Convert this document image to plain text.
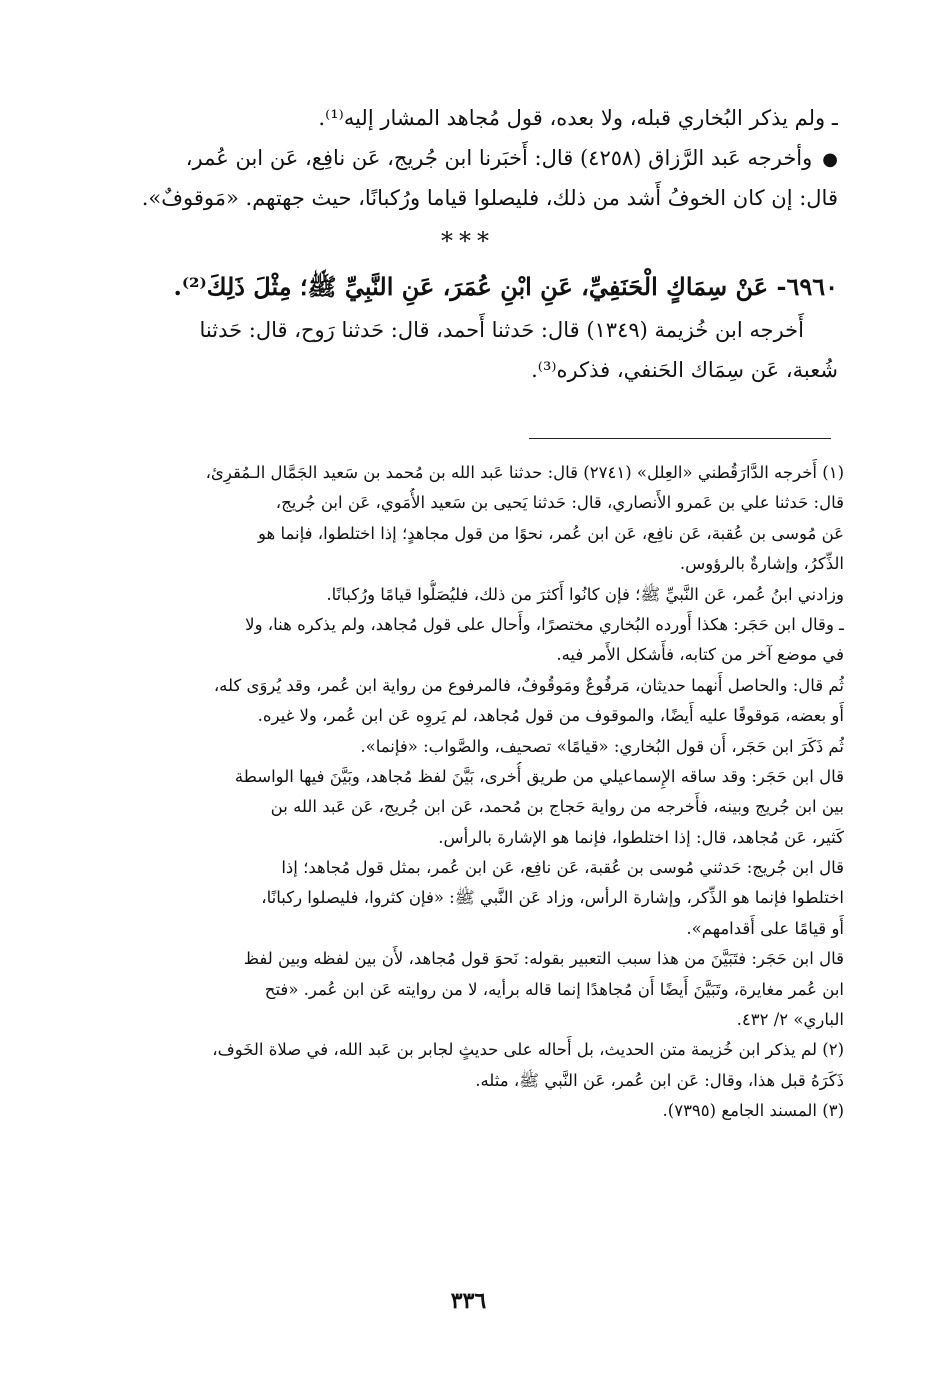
ـ ولم يذكر البُخاري قبله، ولا بعده، قول مُجاهد المشار إليه⁽¹⁾.
●وأخرجه عَبد الرَّزاق (٤٢٥٨) قال: أَخبَرنا ابن جُريج، عَن نافِع، عَن ابن عُمر،
قال: إن كان الخوفُ أَشد من ذلك، فليصلوا قياما ورُكبانًا، حيث جهتهم. «مَوقوفٌ».
***
٦٩٦٠- عَنْ سِمَاكٍ الْحَنَفِيِّ، عَنِ ابْنِ عُمَرَ، عَنِ النَّبِيِّ ﷺ؛ مِثْلَ ذَلِكَ⁽²⁾.
أَخرجه ابن خُزيمة (١٣٤٩) قال: حَدثنا أَحمد، قال: حَدثنا رَوح، قال: حَدثنا
شُعبة، عَن سِمَاك الحَنفي، فذكره⁽³⁾.
(١) أَخرجه الدَّارَقُطني «العِلل» (٢٧٤١) قال: حدثنا عَبد الله بن مُحمد بن سَعيد الجَمَّال الـمُقرِئ،
قال: حَدثنا علي بن عَمرو الأَنصاري، قال: حَدثنا يَحيى بن سَعيد الأُمَوي، عَن ابن جُريج،
عَن مُوسى بن عُقبة، عَن نافِع، عَن ابن عُمر، نحوًا من قول مجاهدٍ؛ إذا اختلطوا، فإنما هو
الذِّكرُ، وإشارةٌ بالرؤوس.
وزادني ابنُ عُمر، عَن النَّبيِّ ﷺ؛ فإن كانُوا أَكثرَ من ذلك، فليُصَلُّوا قيامًا ورُكبانًا.
ـ وقال ابن حَجَر: هكذا أَورده البُخاري مختصرًا، وأَحال على قول مُجاهد، ولم يذكره هنا، ولا
في موضع آخر من كتابه، فأَشكل الأَمر فيه.
ثُم قال: والحاصل أَنهما حديثان، مَرفُوعٌ ومَوقُوفٌ، فالمرفوع من رواية ابن عُمر، وقد يُروَى كله،
أَو بعضه، مَوقوفًا عليه أَيضًا، والموقوف من قول مُجاهد، لم يَروِه عَن ابن عُمر، ولا غيره.
ثُم ذَكَرَ ابن حَجَر، أَن قول البُخاري: «قيامًا» تصحيف، والصَّواب: «فإنما».
قال ابن حَجَر: وقد ساقه الإِسماعيلي من طريق أُخرى، بَيَّنَ لفظ مُجاهد، وبَيَّنَ فيها الواسطة
بين ابن جُريج وبينه، فأَخرجه من رواية حَجاج بن مُحمد، عَن ابن جُريج، عَن عَبد الله بن
كَثير، عَن مُجاهد، قال: إذا اختلطوا، فإنما هو الإشارة بالرأس.
قال ابن جُريج: حَدثني مُوسى بن عُقبة، عَن نافِع، عَن ابن عُمر، بمثل قول مُجاهد؛ إذا
اختلطوا فإنما هو الذِّكر، وإشارة الرأس، وزاد عَن النَّبي ﷺ: «فإن كثروا، فليصلوا ركبانًا،
أَو قيامًا على أَقدامهم».
قال ابن حَجَر: فتَبَيَّنَ من هذا سبب التعبير بقوله: نَحوَ قول مُجاهد، لأَن بين لفظه وبين لفظ
ابن عُمر مغايرة، وتَبَيَّنَ أَيضًا أَن مُجاهدًا إنما قاله برأيه، لا من روايته عَن ابن عُمر. «فتح
الباري» ٢/ ٤٣٢.
(٢) لم يذكر ابن خُزيمة متن الحديث، بل أَحاله على حديثٍ لجابر بن عَبد الله، في صلاة الخَوف،
ذَكَرَهُ قبل هذا، وقال: عَن ابن عُمر، عَن النَّبي ﷺ، مثله.
(٣) المسند الجامع (٧٣٩٥).
٣٣٦
